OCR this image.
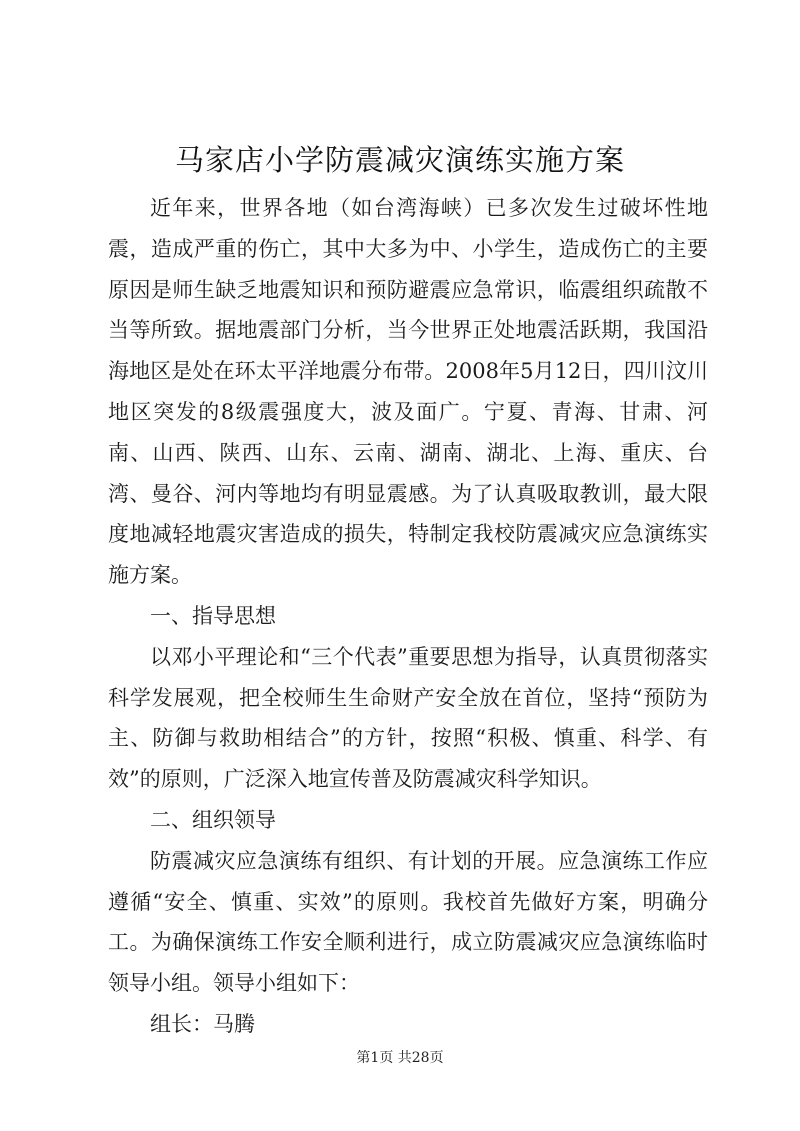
马家店小学防震减灾演练实施方案

近年来，世界各地（如台湾海峡）已多次发生过破坏性地震，造成严重的伤亡，其中大多为中、小学生，造成伤亡的主要原因是师生缺乏地震知识和预防避震应急常识，临震组织疏散不当等所致。据地震部门分析，当今世界正处地震活跃期，我国沿海地区是处在环太平洋地震分布带。2008年5月12日，四川汶川地区突发的8级震强度大，波及面广。宁夏、青海、甘肃、河南、山西、陕西、山东、云南、湖南、湖北、上海、重庆、台湾、曼谷、河内等地均有明显震感。为了认真吸取教训，最大限度地减轻地震灾害造成的损失，特制定我校防震减灾应急演练实施方案。

一、指导思想

以邓小平理论和“三个代表”重要思想为指导，认真贯彻落实科学发展观，把全校师生生命财产安全放在首位，坚持“预防为主、防御与救助相结合”的方针，按照“积极、慎重、科学、有效”的原则，广泛深入地宣传普及防震减灾科学知识。

二、组织领导

防震减灾应急演练有组织、有计划的开展。应急演练工作应遵循“安全、慎重、实效”的原则。我校首先做好方案，明确分工。为确保演练工作安全顺利进行，成立防震减灾应急演练临时领导小组。领导小组如下：

组长：马腾

第1页 共28页
